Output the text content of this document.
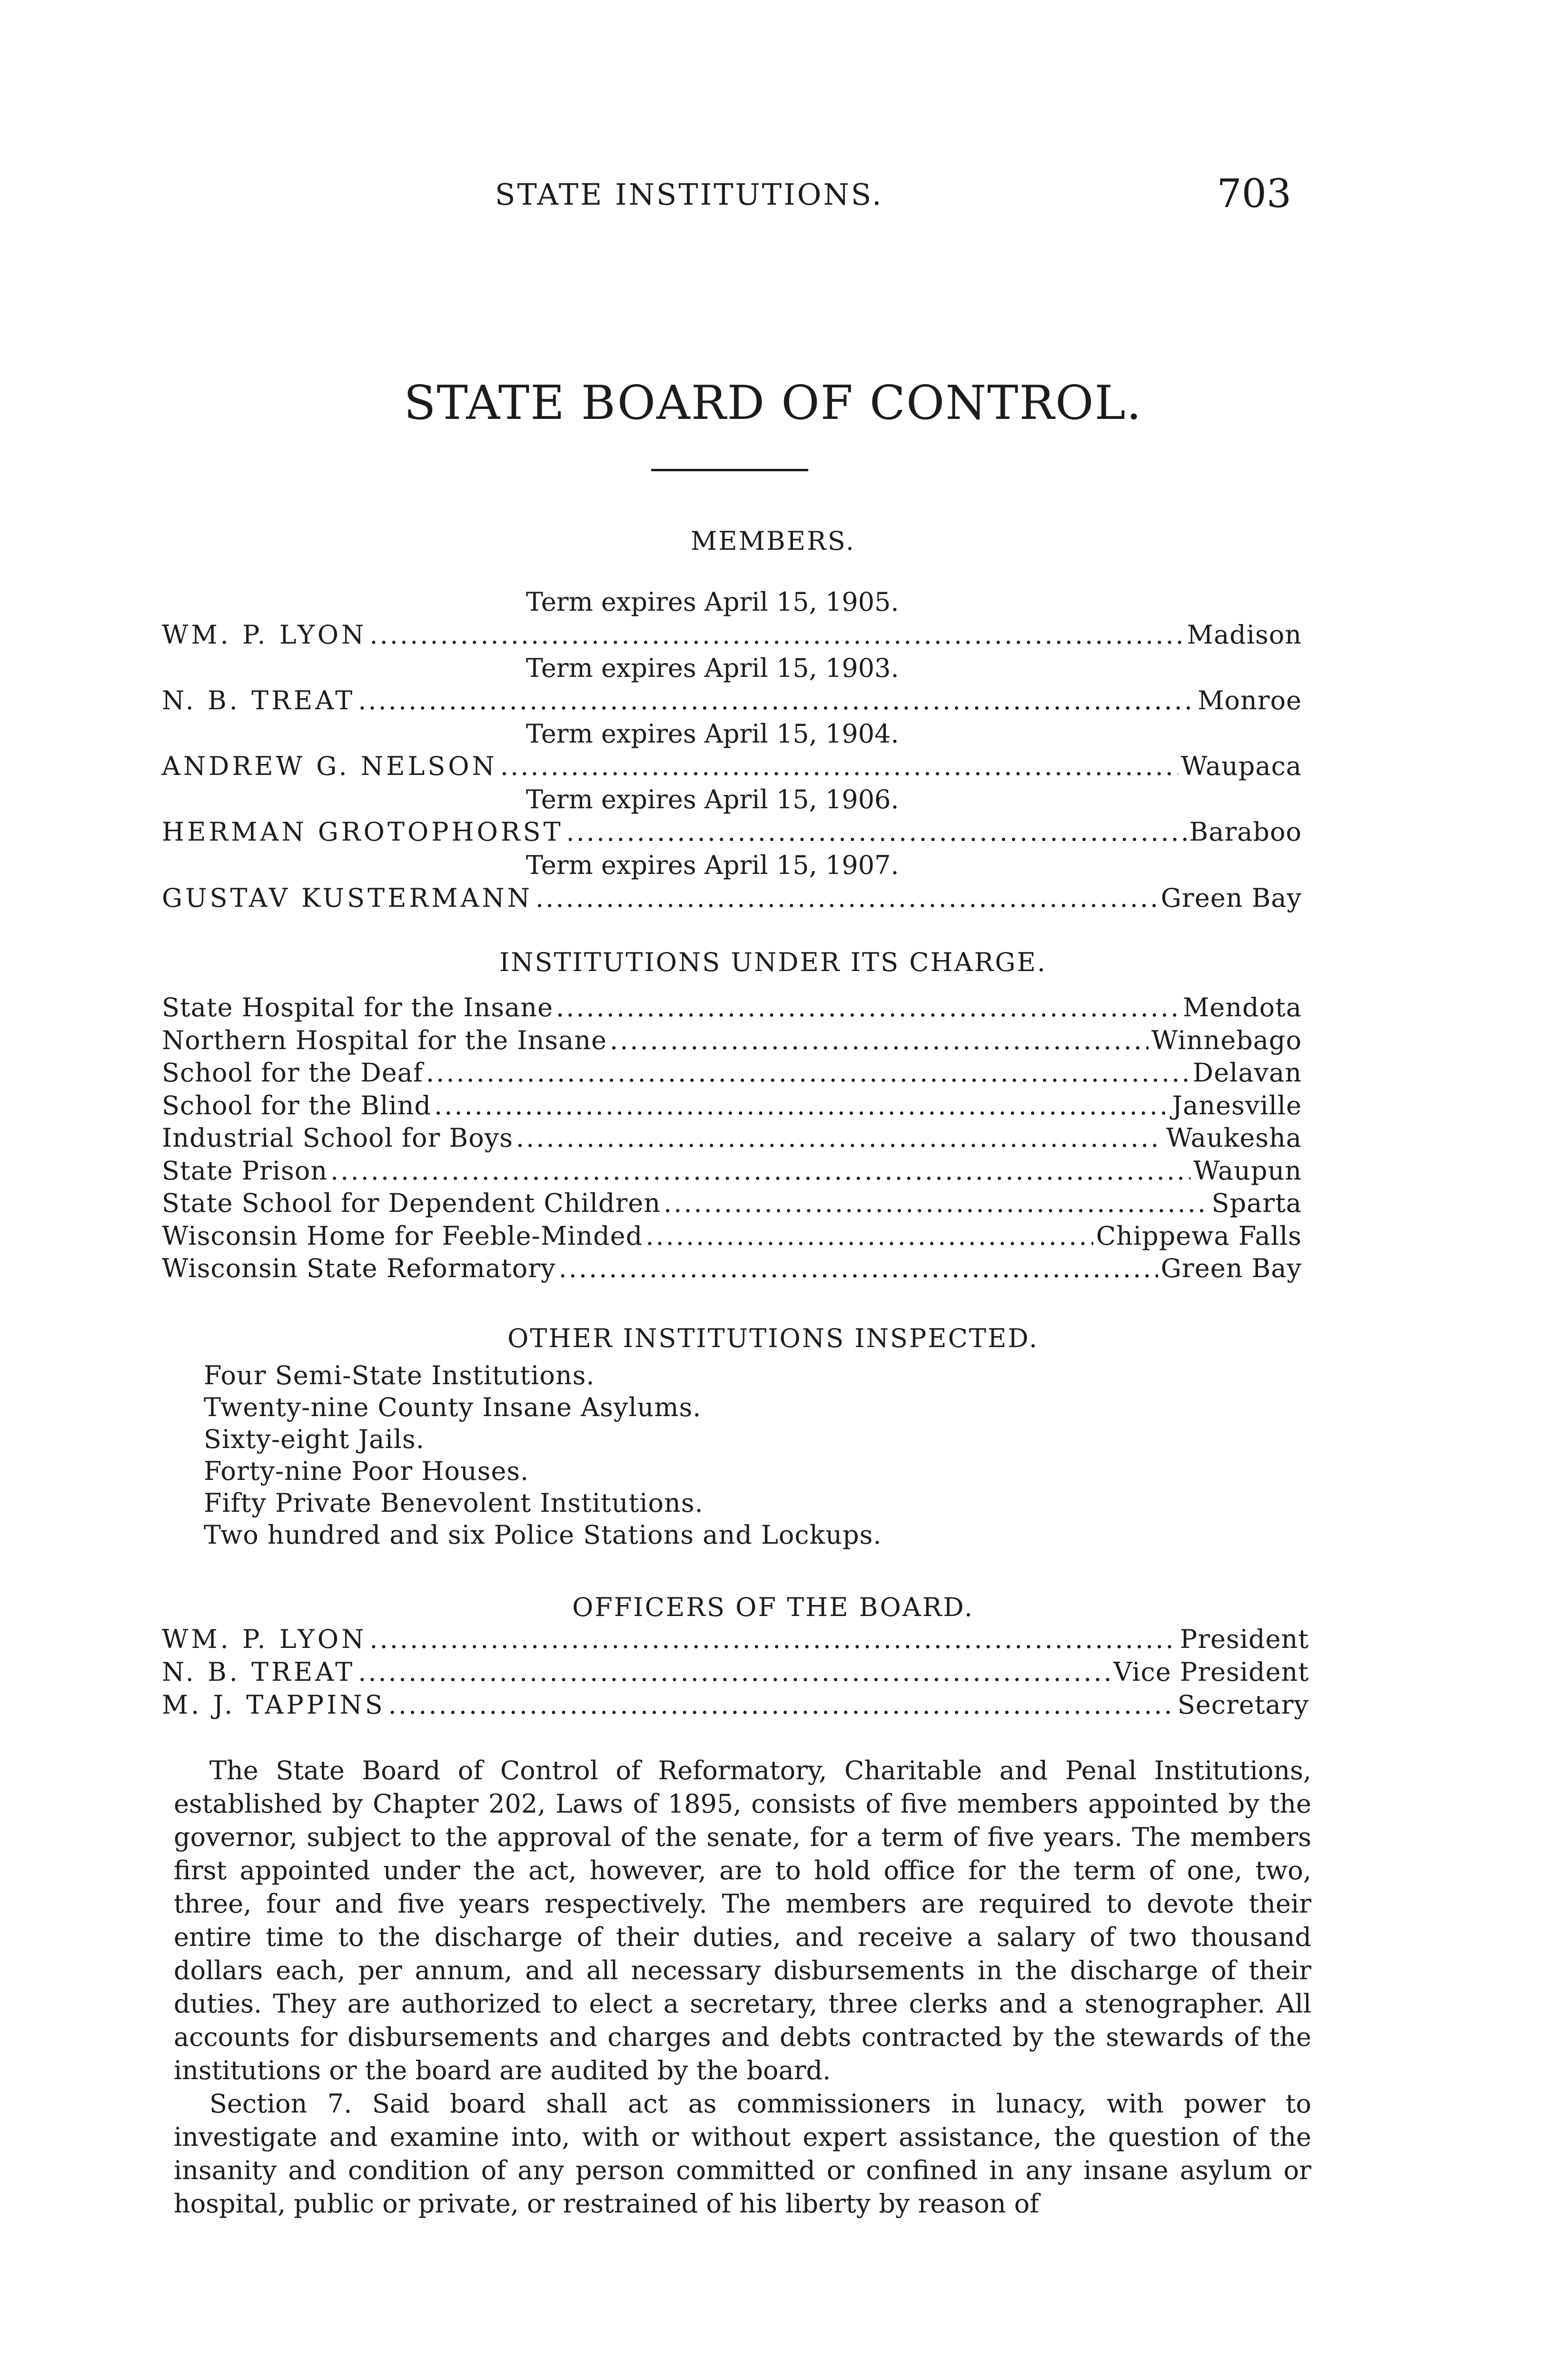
STATE INSTITUTIONS.	703
STATE BOARD OF CONTROL.
MEMBERS.
Term expires April 15, 1905.
WM. P. LYON .....	Madison
Term expires April 15, 1903.
N. B. TREAT .....	Monroe
Term expires April 15, 1904.
ANDREW G. NELSON .....	Waupaca
Term expires April 15, 1906.
HERMAN GROTOPHORST .....	Baraboo
Term expires April 15, 1907.
GUSTAV KUSTERMANN .....	Green Bay
INSTITUTIONS UNDER ITS CHARGE.
State Hospital for the Insane .....	Mendota
Northern Hospital for the Insane .....	Winnebago
School for the Deaf .....	Delavan
School for the Blind .....	Janesville
Industrial School for Boys .....	Waukesha
State Prison .....	Waupun
State School for Dependent Children .....	Sparta
Wisconsin Home for Feeble-Minded .....	Chippewa Falls
Wisconsin State Reformatory .....	Green Bay
OTHER INSTITUTIONS INSPECTED.
Four Semi-State Institutions.
Twenty-nine County Insane Asylums.
Sixty-eight Jails.
Forty-nine Poor Houses.
Fifty Private Benevolent Institutions.
Two hundred and six Police Stations and Lockups.
OFFICERS OF THE BOARD.
WM. P. LYON .....	President
N. B. TREAT .....	Vice President
M. J. TAPPINS .....	Secretary

The State Board of Control of Reformatory, Charitable and Penal Institutions, established by Chapter 202, Laws of 1895, consists of five members appointed by the governor, subject to the approval of the senate, for a term of five years. The members first appointed under the act, however, are to hold office for the term of one, two, three, four and five years respectively. The members are required to devote their entire time to the discharge of their duties, and receive a salary of two thousand dollars each, per annum, and all necessary disbursements in the discharge of their duties. They are authorized to elect a secretary, three clerks and a stenographer. All accounts for disbursements and charges and debts contracted by the stewards of the institutions or the board are audited by the board.

Section 7. Said board shall act as commissioners in lunacy, with power to investigate and examine into, with or without expert assistance, the question of the insanity and condition of any person committed or confined in any insane asylum or hospital, public or private, or restrained of his liberty by reason of
